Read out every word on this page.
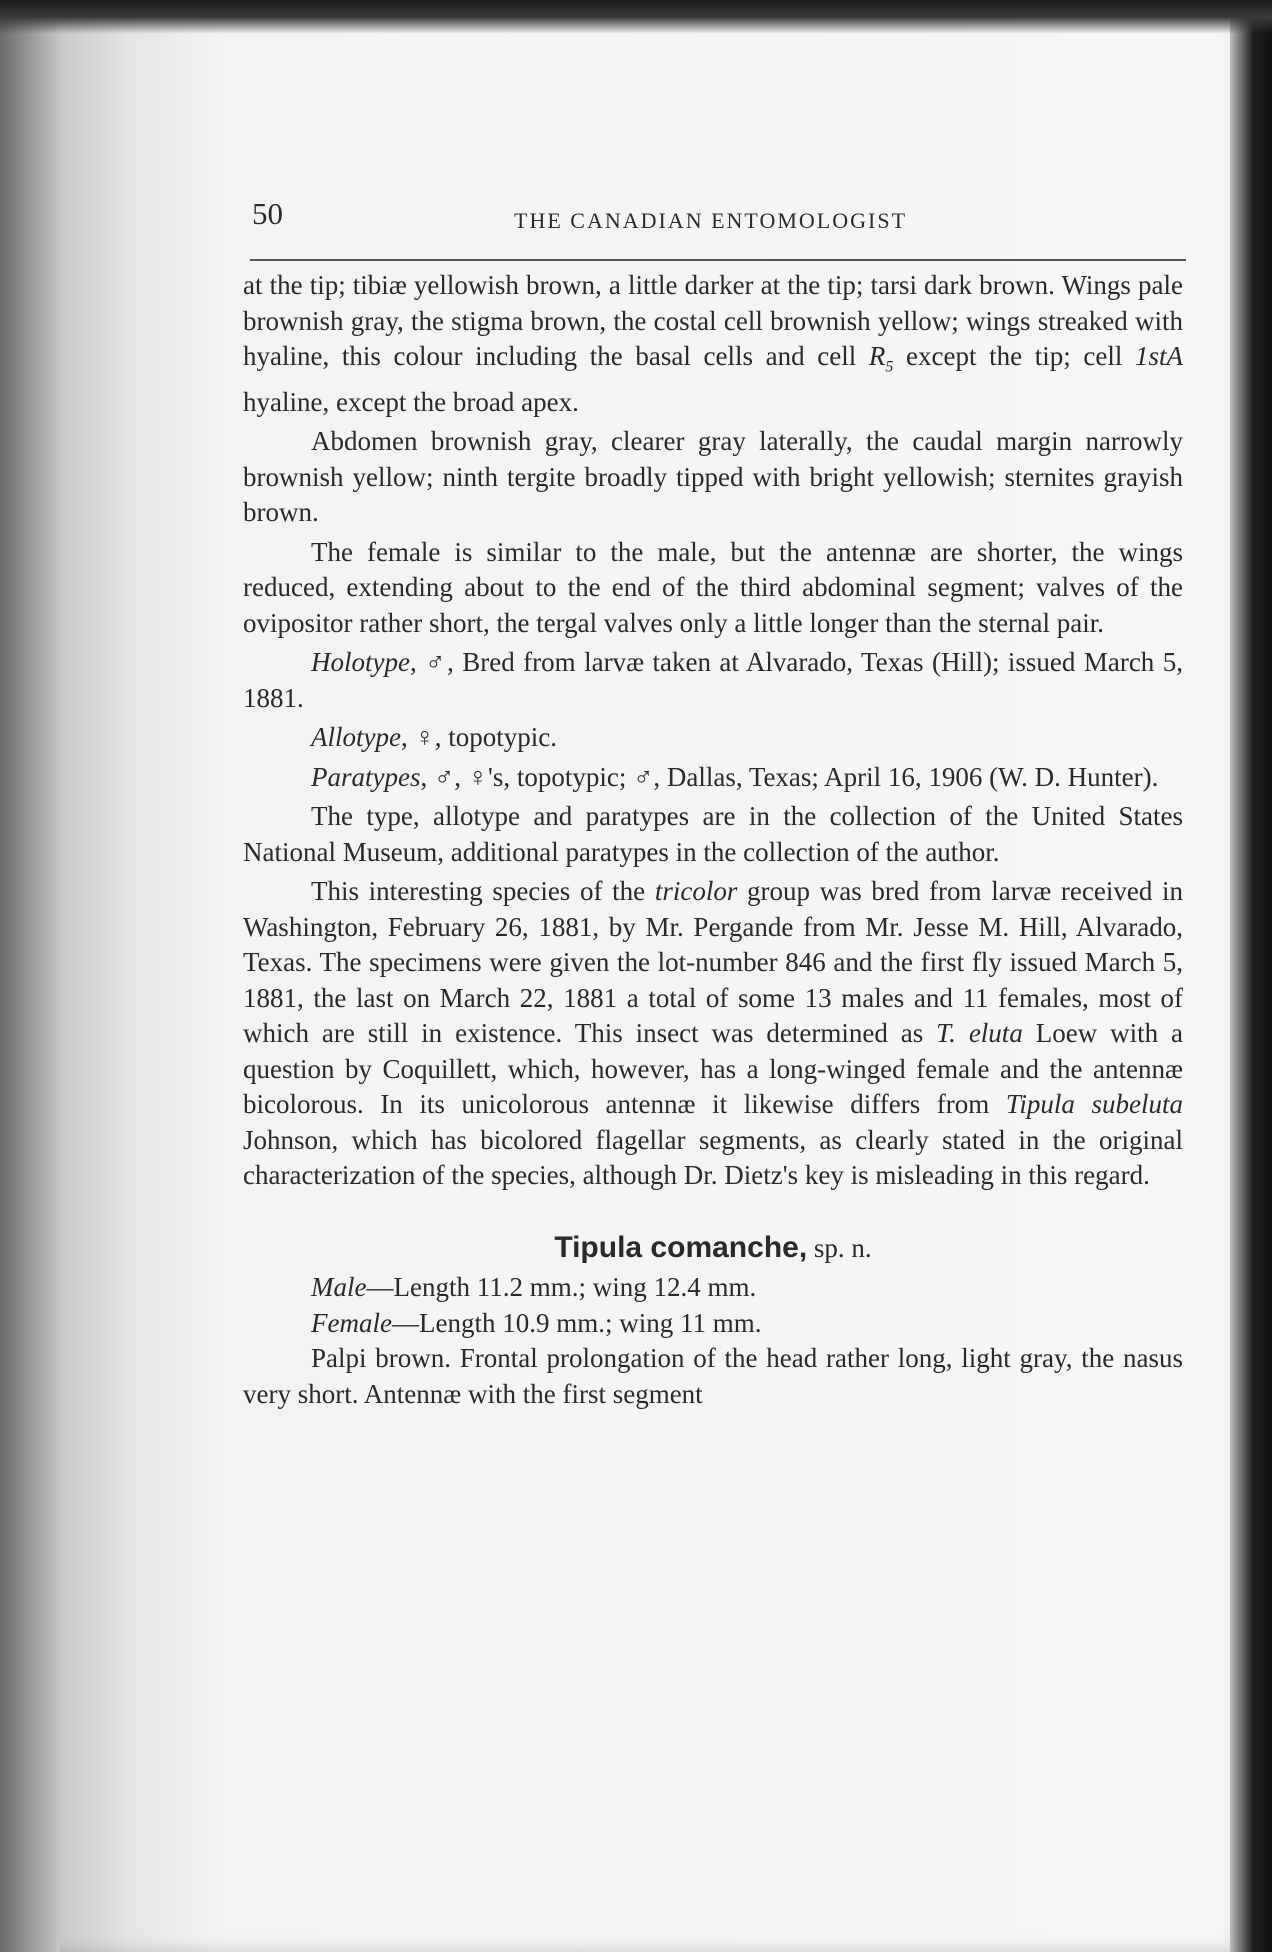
50	THE CANADIAN ENTOMOLOGIST

at the tip; tibiæ yellowish brown, a little darker at the tip; tarsi dark brown. Wings pale brownish gray, the stigma brown, the costal cell brownish yellow; wings streaked with hyaline, this colour including the basal cells and cell $R_5$ except the tip; cell 1stA hyaline, except the broad apex.

Abdomen brownish gray, clearer gray laterally, the caudal margin narrowly brownish yellow; ninth tergite broadly tipped with bright yellowish; sternites grayish brown.

The female is similar to the male, but the antennæ are shorter, the wings reduced, extending about to the end of the third abdominal segment; valves of the ovipositor rather short, the tergal valves only a little longer than the sternal pair.

Holotype, ♂, Bred from larvæ taken at Alvarado, Texas (Hill); issued March 5, 1881.

Allotype, ♀, topotypic.

Paratypes, ♂, ♀'s, topotypic; ♂, Dallas, Texas; April 16, 1906 (W. D. Hunter).

The type, allotype and paratypes are in the collection of the United States National Museum, additional paratypes in the collection of the author.

This interesting species of the tricolor group was bred from larvæ received in Washington, February 26, 1881, by Mr. Pergande from Mr. Jesse M. Hill, Alvarado, Texas. The specimens were given the lot-number 846 and the first fly issued March 5, 1881, the last on March 22, 1881 a total of some 13 males and 11 females, most of which are still in existence. This insect was determined as T. eluta Loew with a question by Coquillett, which, however, has a long-winged female and the antennæ bicolorous. In its unicolorous antennæ it likewise differs from Tipula subeluta Johnson, which has bicolored flagellar segments, as clearly stated in the original characterization of the species, although Dr. Dietz's key is misleading in this regard.

Tipula comanche, sp. n.

Male—Length 11.2 mm.; wing 12.4 mm.

Female—Length 10.9 mm.; wing 11 mm.

Palpi brown. Frontal prolongation of the head rather long, light gray, the nasus very short. Antennæ with the first segment
